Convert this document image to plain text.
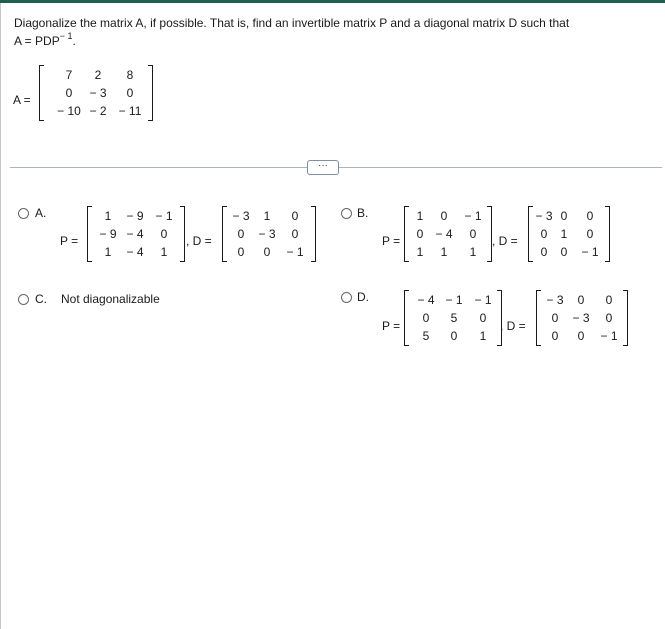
Diagonalize the matrix A, if possible. That is, find an invertible matrix P and a diagonal matrix D such that
$A = PDP^{- 1}$.
A =
7	2	8
0	− 3	0
− 10	− 2	− 11
···
A.
P =
1	− 9	− 1
− 9	− 4	0
1	− 4	1
, D =
− 3	1	0
0	− 3	0
0	0	− 1
B.
P =
1	0	− 1
0	− 4	0
1	1	1
, D =
− 3	0	0
0	1	0
0	0	− 1
C. Not diagonalizable	D.
P =
− 4	− 1	− 1
0	5	0
5	0	1
, D =
− 3	0	0
0	− 3	0
0	0	− 1
